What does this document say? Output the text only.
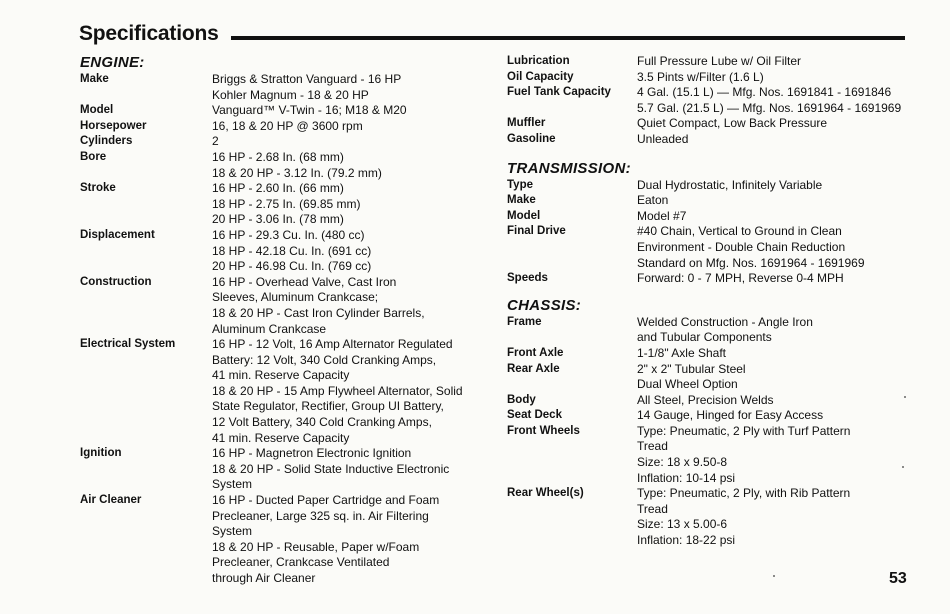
Specifications
ENGINE:
Make	Briggs & Stratton Vanguard - 16 HP
Kohler Magnum - 18 & 20 HP
Model	Vanguard™ V-Twin - 16; M18 & M20
Horsepower	16, 18 & 20 HP @ 3600 rpm
Cylinders	2
Bore	16 HP - 2.68 In. (68 mm)
18 & 20 HP - 3.12 In. (79.2 mm)
Stroke	16 HP - 2.60 In. (66 mm)
18 HP - 2.75 In. (69.85 mm)
20 HP - 3.06 In. (78 mm)
Displacement	16 HP - 29.3 Cu. In. (480 cc)
18 HP - 42.18 Cu. In. (691 cc)
20 HP - 46.98 Cu. In. (769 cc)
Construction	16 HP - Overhead Valve, Cast Iron
Sleeves, Aluminum Crankcase;
18 & 20 HP - Cast Iron Cylinder Barrels,
Aluminum Crankcase
Electrical System	16 HP - 12 Volt, 16 Amp Alternator Regulated
Battery: 12 Volt, 340 Cold Cranking Amps,
41 min. Reserve Capacity
18 & 20 HP - 15 Amp Flywheel Alternator, Solid
State Regulator, Rectifier, Group UI Battery,
12 Volt Battery, 340 Cold Cranking Amps,
41 min. Reserve Capacity
Ignition	16 HP - Magnetron Electronic Ignition
18 & 20 HP - Solid State Inductive Electronic
System
Air Cleaner	16 HP - Ducted Paper Cartridge and Foam
Precleaner, Large 325 sq. in. Air Filtering
System
18 & 20 HP - Reusable, Paper w/Foam
Precleaner, Crankcase Ventilated
through Air Cleaner
Lubrication	Full Pressure Lube w/ Oil Filter
Oil Capacity	3.5 Pints w/Filter (1.6 L)
Fuel Tank Capacity	4 Gal. (15.1 L) — Mfg. Nos. 1691841 - 1691846
5.7 Gal. (21.5 L) — Mfg. Nos. 1691964 - 1691969
Muffler	Quiet Compact, Low Back Pressure
Gasoline	Unleaded
TRANSMISSION:
Type	Dual Hydrostatic, Infinitely Variable
Make	Eaton
Model	Model #7
Final Drive	#40 Chain, Vertical to Ground in Clean
Environment - Double Chain Reduction
Standard on Mfg. Nos. 1691964 - 1691969
Speeds	Forward: 0 - 7 MPH, Reverse 0-4 MPH
CHASSIS:
Frame	Welded Construction - Angle Iron
and Tubular Components
Front Axle	1-1/8" Axle Shaft
Rear Axle	2" x 2" Tubular Steel
Dual Wheel Option
Body	All Steel, Precision Welds
Seat Deck	14 Gauge, Hinged for Easy Access
Front Wheels	Type: Pneumatic, 2 Ply with Turf Pattern
Tread
Size: 18 x 9.50-8
Inflation: 10-14 psi
Rear Wheel(s)	Type: Pneumatic, 2 Ply, with Rib Pattern
Tread
Size: 13 x 5.00-6
Inflation: 18-22 psi
53
